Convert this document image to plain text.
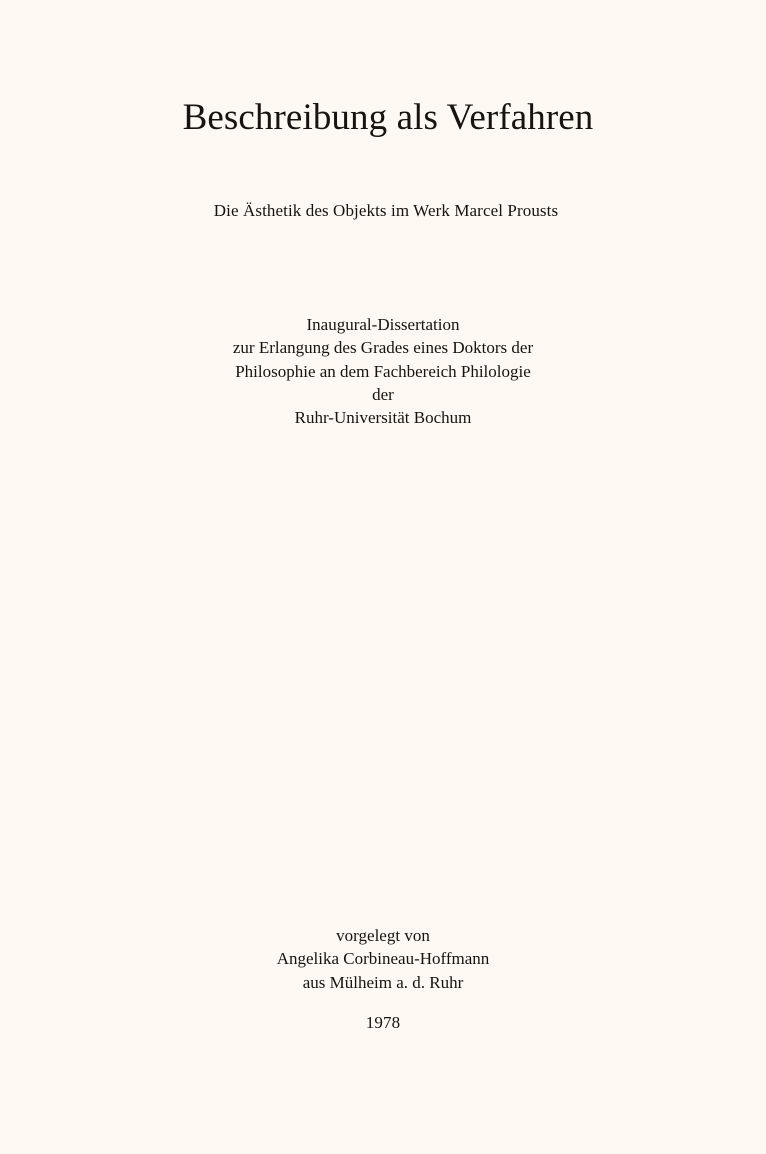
Beschreibung als Verfahren
Die Ästhetik des Objekts im Werk Marcel Prousts
Inaugural-Dissertation
zur Erlangung des Grades eines Doktors der
Philosophie an dem Fachbereich Philologie
der
Ruhr-Universität Bochum
vorgelegt von
Angelika Corbineau-Hoffmann
aus Mülheim a. d. Ruhr
1978
